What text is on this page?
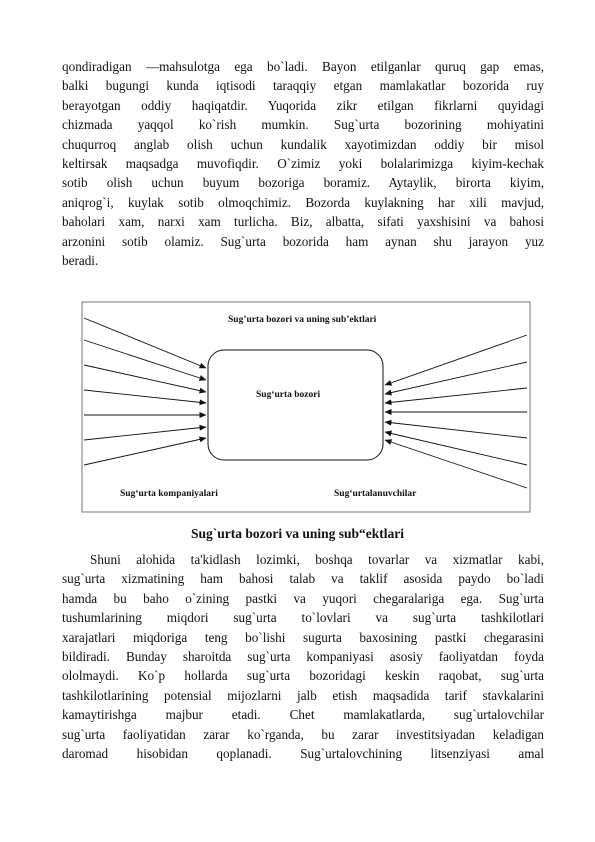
qondiradigan —mahsulotga ega bo`ladi. Bayon etilganlar quruq gap emas,
balki bugungi kunda iqtisodi taraqqiy etgan mamlakatlar bozorida ruy
berayotgan oddiy haqiqatdir. Yuqorida zikr etilgan fikrlarni quyidagi
chizmada yaqqol ko`rish mumkin. Sug`urta bozorining mohiyatini
chuqurroq anglab olish uchun kundalik xayotimizdan oddiy bir misol
keltirsak maqsadga muvofiqdir. O`zimiz yoki bolalarimizga kiyim-kechak
sotib olish uchun buyum bozoriga boramiz. Aytaylik, birorta kiyim,
aniqrog`i, kuylak sotib olmoqchimiz. Bozorda kuylakning har xili mavjud,
baholari xam, narxi xam turlicha. Biz, albatta, sifati yaxshisini va bahosi
arzonini sotib olamiz. Sug`urta bozorida ham aynan shu jarayon yuz
beradi.
Sug’urta bozori va uning sub’ektlari
Sug‘urta bozori
Sug‘urta kompaniyalari	Sug‘urtalanuvchilar

Sug`urta bozori va uning sub“ektlari

Shuni alohida ta'kidlash lozimki, boshqa tovarlar va xizmatlar kabi,
sug`urta xizmatining ham bahosi talab va taklif asosida paydo bo`ladi
hamda bu baho o`zining pastki va yuqori chegaralariga ega. Sug`urta
tushumlarining miqdori sug`urta to`lovlari va sug`urta tashkilotlari
xarajatlari miqdoriga teng bo`lishi sugurta baxosining pastki chegarasini
bildiradi. Bunday sharoitda sug`urta kompaniyasi asosiy faoliyatdan foyda
ololmaydi. Ko`p hollarda sug`urta bozoridagi keskin raqobat, sug`urta
tashkilotlarining potensial mijozlarni jalb etish maqsadida tarif stavkalarini
kamaytirishga majbur etadi. Chet mamlakatlarda, sug`urtalovchilar
sug`urta faoliyatidan zarar ko`rganda, bu zarar investitsiyadan keladigan
daromad hisobidan qoplanadi. Sug`urtalovchining litsenziyasi amal
